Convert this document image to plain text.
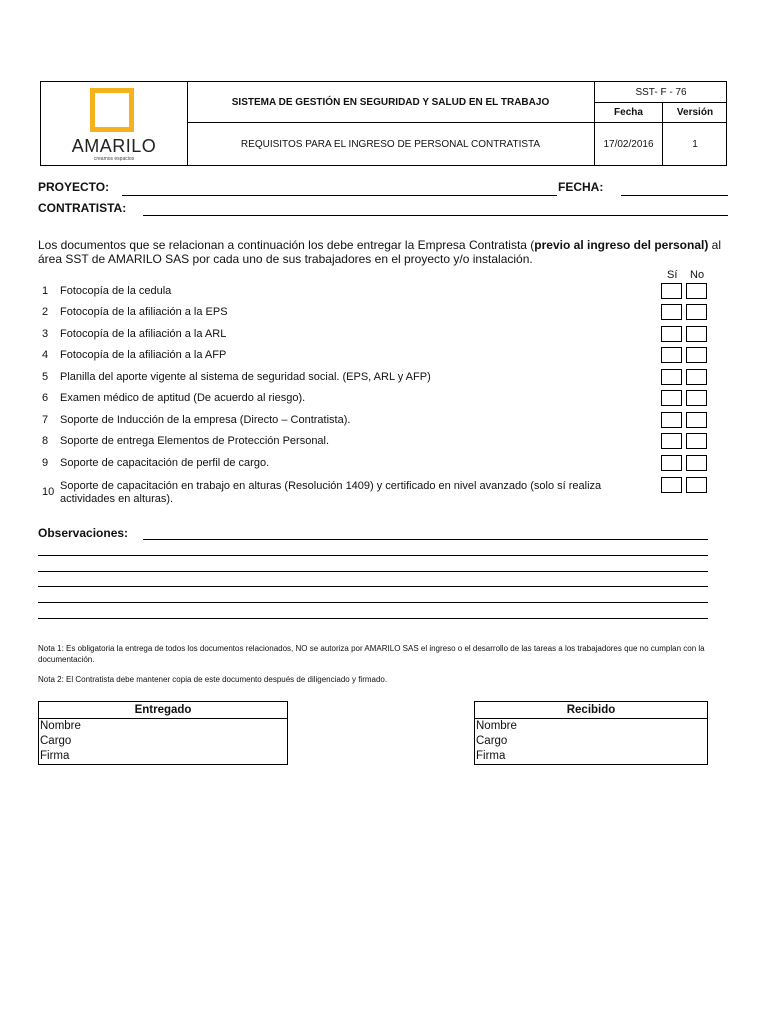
AMARILO
creamos espacios
SISTEMA DE GESTIÓN EN SEGURIDAD Y SALUD EN EL TRABAJO
REQUISITOS PARA EL INGRESO DE PERSONAL CONTRATISTA
SST- F - 76
Fecha	Versión
17/02/2016	1
PROYECTO:	FECHA:
CONTRATISTA:
Los documentos que se relacionan a continuación los debe entregar la Empresa Contratista (previo al ingreso del personal) al área SST de AMARILO SAS por cada uno de sus trabajadores en el proyecto y/o instalación.
Sí No
1	Fotocopía de la cedula
2	Fotocopía de la afiliación a la EPS
3	Fotocopía de la afiliación a la ARL
4	Fotocopía de la afiliación a la AFP
5	Planilla del aporte vigente al sistema de seguridad social. (EPS, ARL y AFP)
6	Examen médico de aptitud (De acuerdo al riesgo).
7	Soporte de Inducción de la empresa (Directo – Contratista).
8	Soporte de entrega Elementos de Protección Personal.
9	Soporte de capacitación de perfil de cargo.
10 Soporte de capacitación en trabajo en alturas (Resolución 1409) y certificado en nivel avanzado (solo sí realiza actividades en alturas).
Observaciones:
Nota 1: Es obligatoria la entrega de todos los documentos relacionados, NO se autoriza por AMARILO SAS el ingreso o el desarrollo de las tareas a los trabajadores que no cumplan con la documentación.
Nota 2: El Contratista debe mantener copia de este documento después de diligenciado y firmado.
Entregado
Nombre
Cargo
Firma
Recibido
Nombre
Cargo
Firma
